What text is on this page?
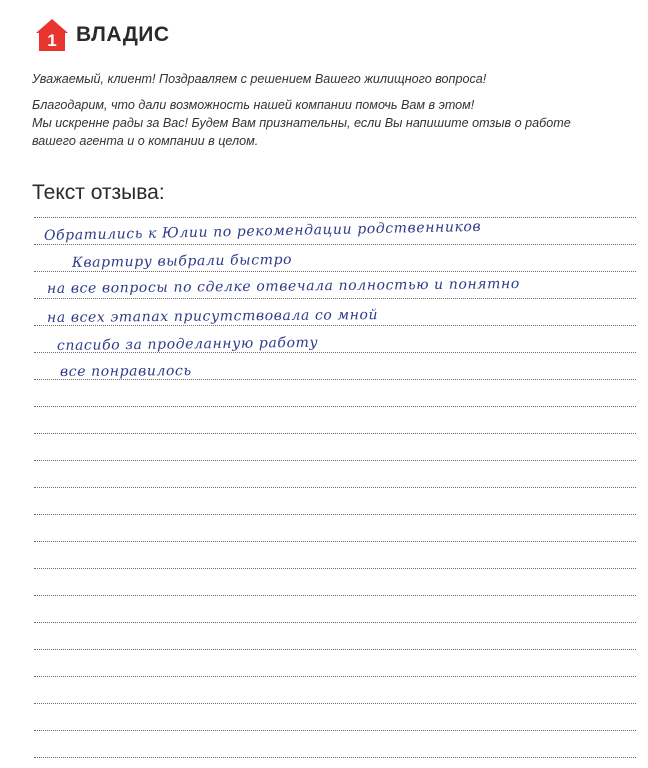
1 ВЛАДИС

Уважаемый, клиент! Поздравляем с решением Вашего жилищного вопроса!

Благодарим, что дали возможность нашей компании помочь Вам в этом!

Мы искренне рады за Вас! Будем Вам признательны, если Вы напишите отзыв о работе

вашего агента и о компании в целом.

Текст отзыва:
Обратились к Юлии по рекомендации родственников
Квартиру выбрали быстро
на все вопросы по сделке отвечала полностью и понятно
на всех этапах присутствовала со мной
спасибо за проделанную работу
все понравилось
